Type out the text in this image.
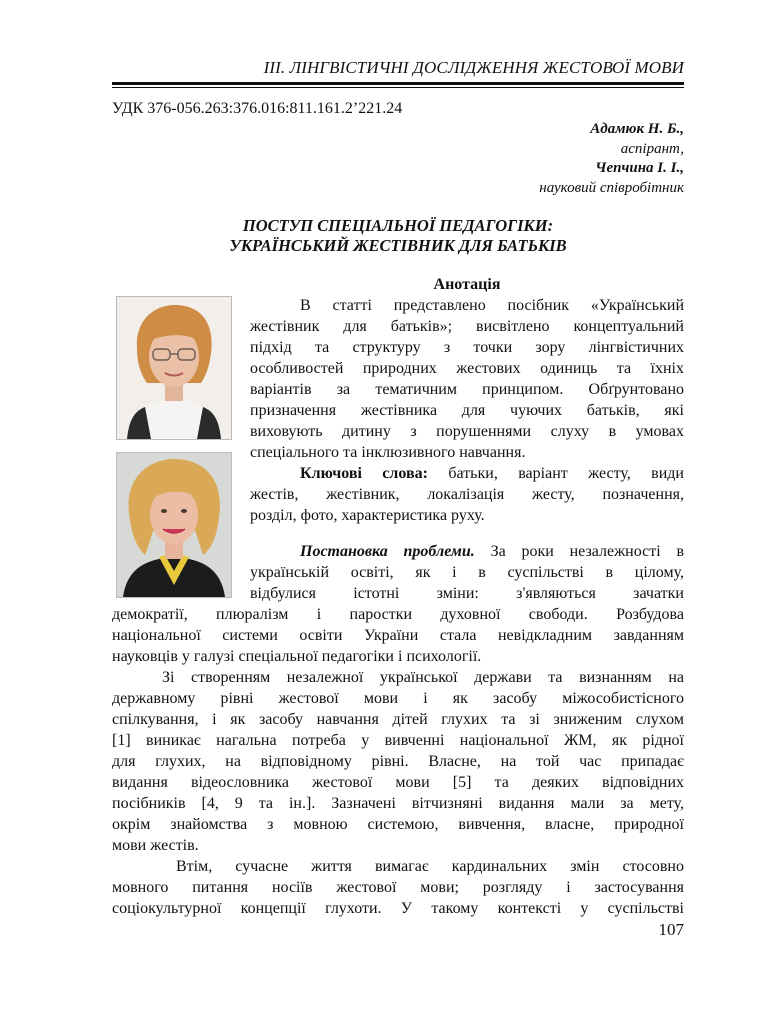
ІІІ. ЛІНГВІСТИЧНІ ДОСЛІДЖЕННЯ ЖЕСТОВОЇ МОВИ
УДК 376-056.263:376.016:811.161.2’221.24
Адамюк Н. Б.,
аспірант,
Чепчина І. І.,
науковий співробітник
ПОСТУП СПЕЦІАЛЬНОЇ ПЕДАГОГІКИ:
УКРАЇНСЬКИЙ ЖЕСТІВНИК ДЛЯ БАТЬКІВ
Анотація
В статті представлено посібник «Український
жестівник для батьків»; висвітлено концептуальний
підхід та структуру з точки зору лінгвістичних
особливостей природних жестових одиниць та їхніх
варіантів за тематичним принципом. Обґрунтовано
призначення жестівника для чуючих батьків, які
виховують дитину з порушеннями слуху в умовах
спеціального та інклюзивного навчання.
Ключові слова: батьки, варіант жесту, види
жестів, жестівник, локалізація жесту, позначення,
розділ, фото, характеристика руху.
Постановка проблеми. За роки незалежності в
українській освіті, як і в суспільстві в цілому,
відбулися істотні зміни: з'являються зачатки
демократії, плюралізм і паростки духовної свободи. Розбудова
національної системи освіти України стала невідкладним завданням
науковців у галузі спеціальної педагогіки і психології.
Зі створенням незалежної української держави та визнанням на
державному рівні жестової мови і як засобу міжособистісного
спілкування, і як засобу навчання дітей глухих та зі зниженим слухом
[1] виникає нагальна потреба у вивченні національної ЖМ, як рідної
для глухих, на відповідному рівні. Власне, на той час припадає
видання відеословника жестової мови [5] та деяких відповідних
посібників [4, 9 та ін.]. Зазначені вітчизняні видання мали за мету,
окрім знайомства з мовною системою, вивчення, власне, природної
мови жестів.
Втім, сучасне життя вимагає кардинальних змін стосовно
мовного питання носіїв жестової мови; розгляду і застосування
соціокультурної концепції глухоти. У такому контексті у суспільстві
107
